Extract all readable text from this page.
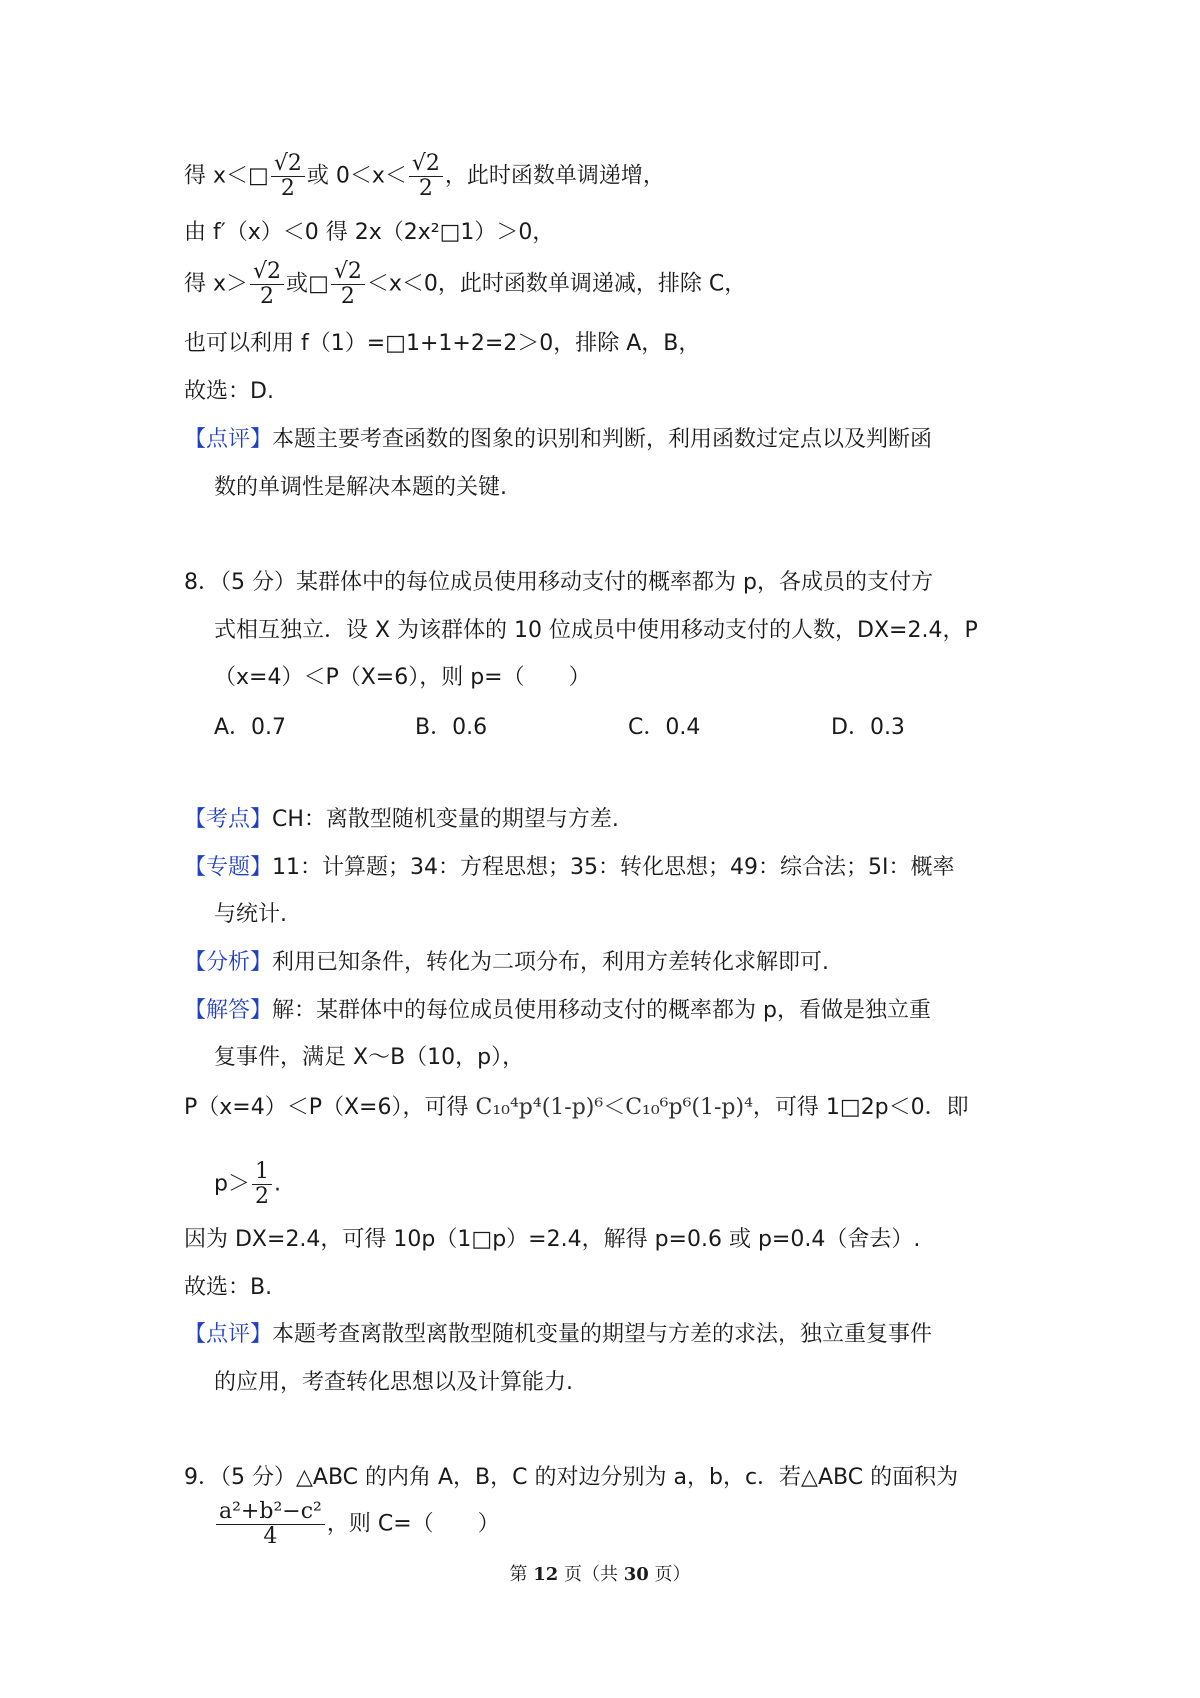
得 x＜□ $\frac{√2}{2}$ 或 $0<x< \frac{√2}{2}$ ，此时函数单调递增，
由 f′（x）＜0 得 2x（2x²□1）＞0，
得 $x> \frac{√2}{2}$ 或□ $\frac{√2}{2} <x<0$，此时函数单调递减，排除 C，
也可以利用 f（1）=□1+1+2=2＞0，排除 A，B，
故选：D.
【点评】本题主要考查函数的图象的识别和判断，利用函数过定点以及判断函
数的单调性是解决本题的关键.
8．（5 分）某群体中的每位成员使用移动支付的概率都为 p，各成员的支付方
式相互独立．设 X 为该群体的 10 位成员中使用移动支付的人数，DX=2.4，P
（x=4）＜P（X=6），则 p=（　　）
A．0.7	B．0.6	C．0.4	D．0.3
【考点】CH：离散型随机变量的期望与方差.
【专题】11：计算题；34：方程思想；35：转化思想；49：综合法；5I：概率
与统计.
【分析】利用已知条件，转化为二项分布，利用方差转化求解即可.
【解答】解：某群体中的每位成员使用移动支付的概率都为 p，看做是独立重
复事件，满足 X～B（10，p），
P（x=4）＜P（X=6），可得 C₁₀⁴p⁴(1-p)⁶＜C₁₀⁶p⁶(1-p)⁴，可得 1□2p＜0．即
$p> \frac{1}{2}$ .
因为 DX=2.4，可得 10p（1□p）=2.4，解得 p=0.6 或 p=0.4（舍去）.
故选：B.
【点评】本题考查离散型离散型随机变量的期望与方差的求法，独立重复事件
的应用，考查转化思想以及计算能力.
9．（5 分）△ABC 的内角 A，B，C 的对边分别为 a，b，c．若△ABC 的面积为
$\frac{\text{a²+b²−c²}}{4}$ ，则 C=（　　）
第 12 页（共 30 页）
